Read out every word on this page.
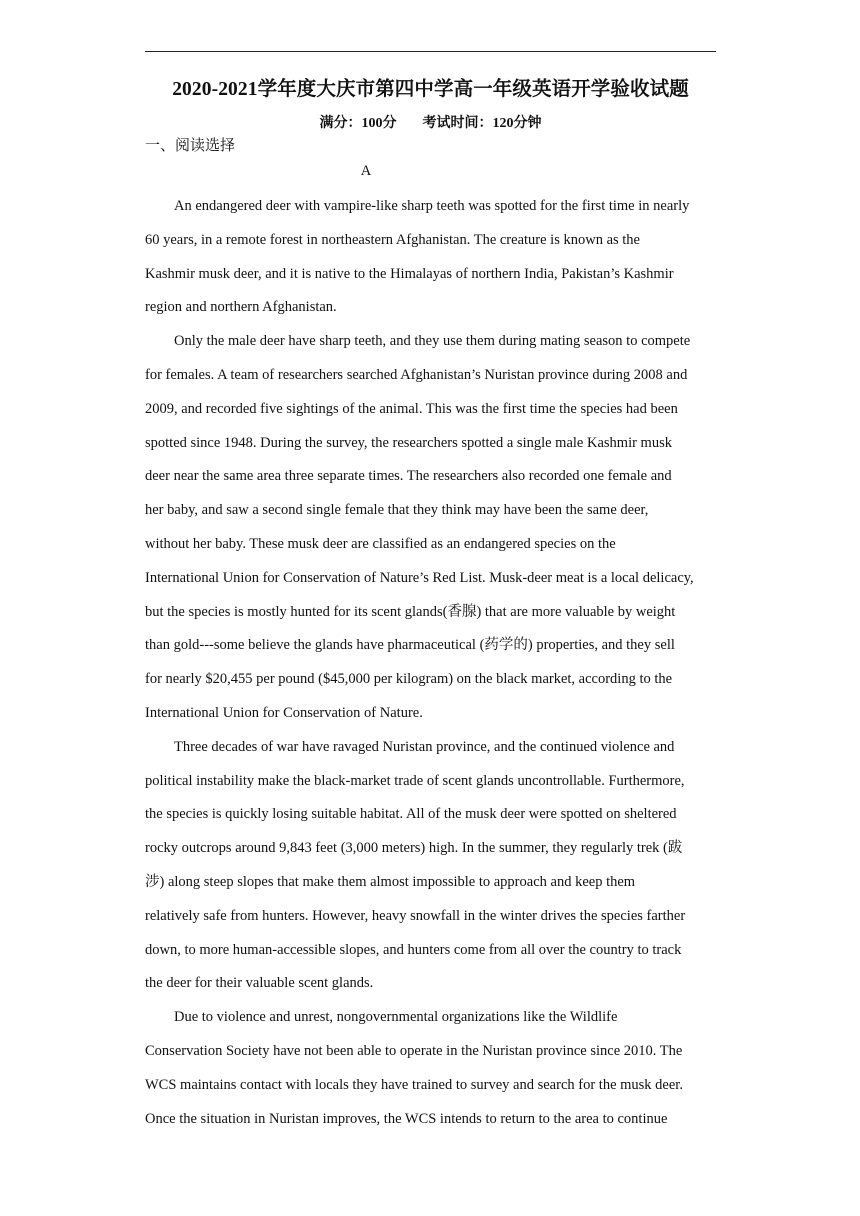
2020-2021学年度大庆市第四中学高一年级英语开学验收试题
满分：100分 考试时间：120分钟
一、阅读选择
A
An endangered deer with vampire-like sharp teeth was spotted for the first time in nearly
60 years, in a remote forest in northeastern Afghanistan. The creature is known as the
Kashmir musk deer, and it is native to the Himalayas of northern India, Pakistan’s Kashmir
region and northern Afghanistan.
Only the male deer have sharp teeth, and they use them during mating season to compete
for females. A team of researchers searched Afghanistan’s Nuristan province during 2008 and
2009, and recorded five sightings of the animal. This was the first time the species had been
spotted since 1948. During the survey, the researchers spotted a single male Kashmir musk
deer near the same area three separate times. The researchers also recorded one female and
her baby, and saw a second single female that they think may have been the same deer,
without her baby. These musk deer are classified as an endangered species on the
International Union for Conservation of Nature’s Red List. Musk-deer meat is a local delicacy,
but the species is mostly hunted for its scent glands(香腺) that are more valuable by weight
than gold---some believe the glands have pharmaceutical (药学的) properties, and they sell
for nearly $20,455 per pound ($45,000 per kilogram) on the black market, according to the
International Union for Conservation of Nature.
Three decades of war have ravaged Nuristan province, and the continued violence and
political instability make the black-market trade of scent glands uncontrollable. Furthermore,
the species is quickly losing suitable habitat. All of the musk deer were spotted on sheltered
rocky outcrops around 9,843 feet (3,000 meters) high. In the summer, they regularly trek (跋
涉) along steep slopes that make them almost impossible to approach and keep them
relatively safe from hunters. However, heavy snowfall in the winter drives the species farther
down, to more human-accessible slopes, and hunters come from all over the country to track
the deer for their valuable scent glands.
Due to violence and unrest, nongovernmental organizations like the Wildlife
Conservation Society have not been able to operate in the Nuristan province since 2010. The
WCS maintains contact with locals they have trained to survey and search for the musk deer.
Once the situation in Nuristan improves, the WCS intends to return to the area to continue
